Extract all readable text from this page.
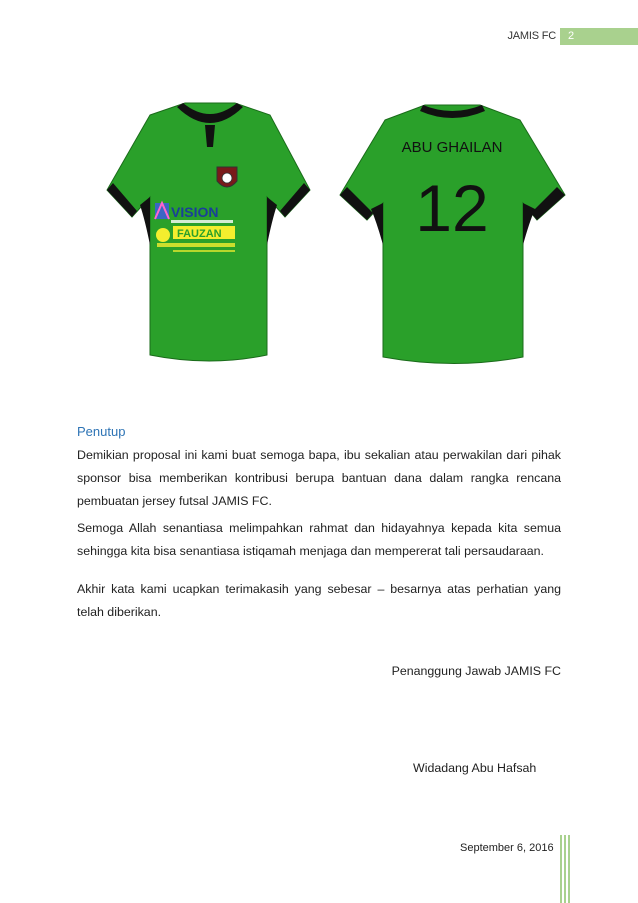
JAMIS FC 2
VISION
FAUZAN
ABU GHAILAN
12
Penutup

Demikian proposal ini kami buat semoga bapa, ibu sekalian atau perwakilan dari pihak sponsor bisa memberikan kontribusi berupa bantuan dana dalam rangka rencana pembuatan jersey futsal JAMIS FC.

Semoga Allah senantiasa melimpahkan rahmat dan hidayahnya kepada kita semua sehingga kita bisa senantiasa istiqamah menjaga dan mempererat tali persaudaraan.

Akhir kata kami ucapkan terimakasih yang sebesar – besarnya atas perhatian yang telah diberikan.

Penanggung Jawab JAMIS FC
Widadang Abu Hafsah
September 6, 2016
